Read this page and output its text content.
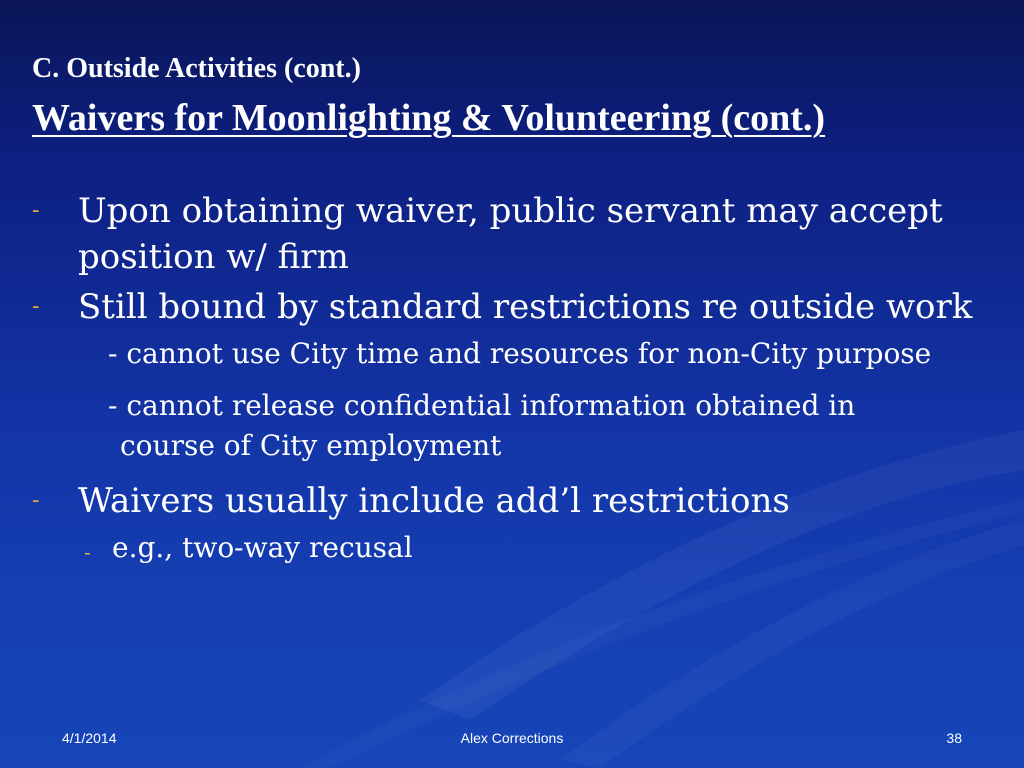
C. Outside Activities (cont.)
Waivers for Moonlighting & Volunteering (cont.)
-	Upon obtaining waiver, public servant may accept position w/ firm
-	Still bound by standard restrictions re outside work
- cannot use City time and resources for non-City purpose
- cannot release confidential information obtained in course of City employment
-	Waivers usually include add’l restrictions
- e.g., two-way recusal
4/1/2014	Alex Corrections	38
